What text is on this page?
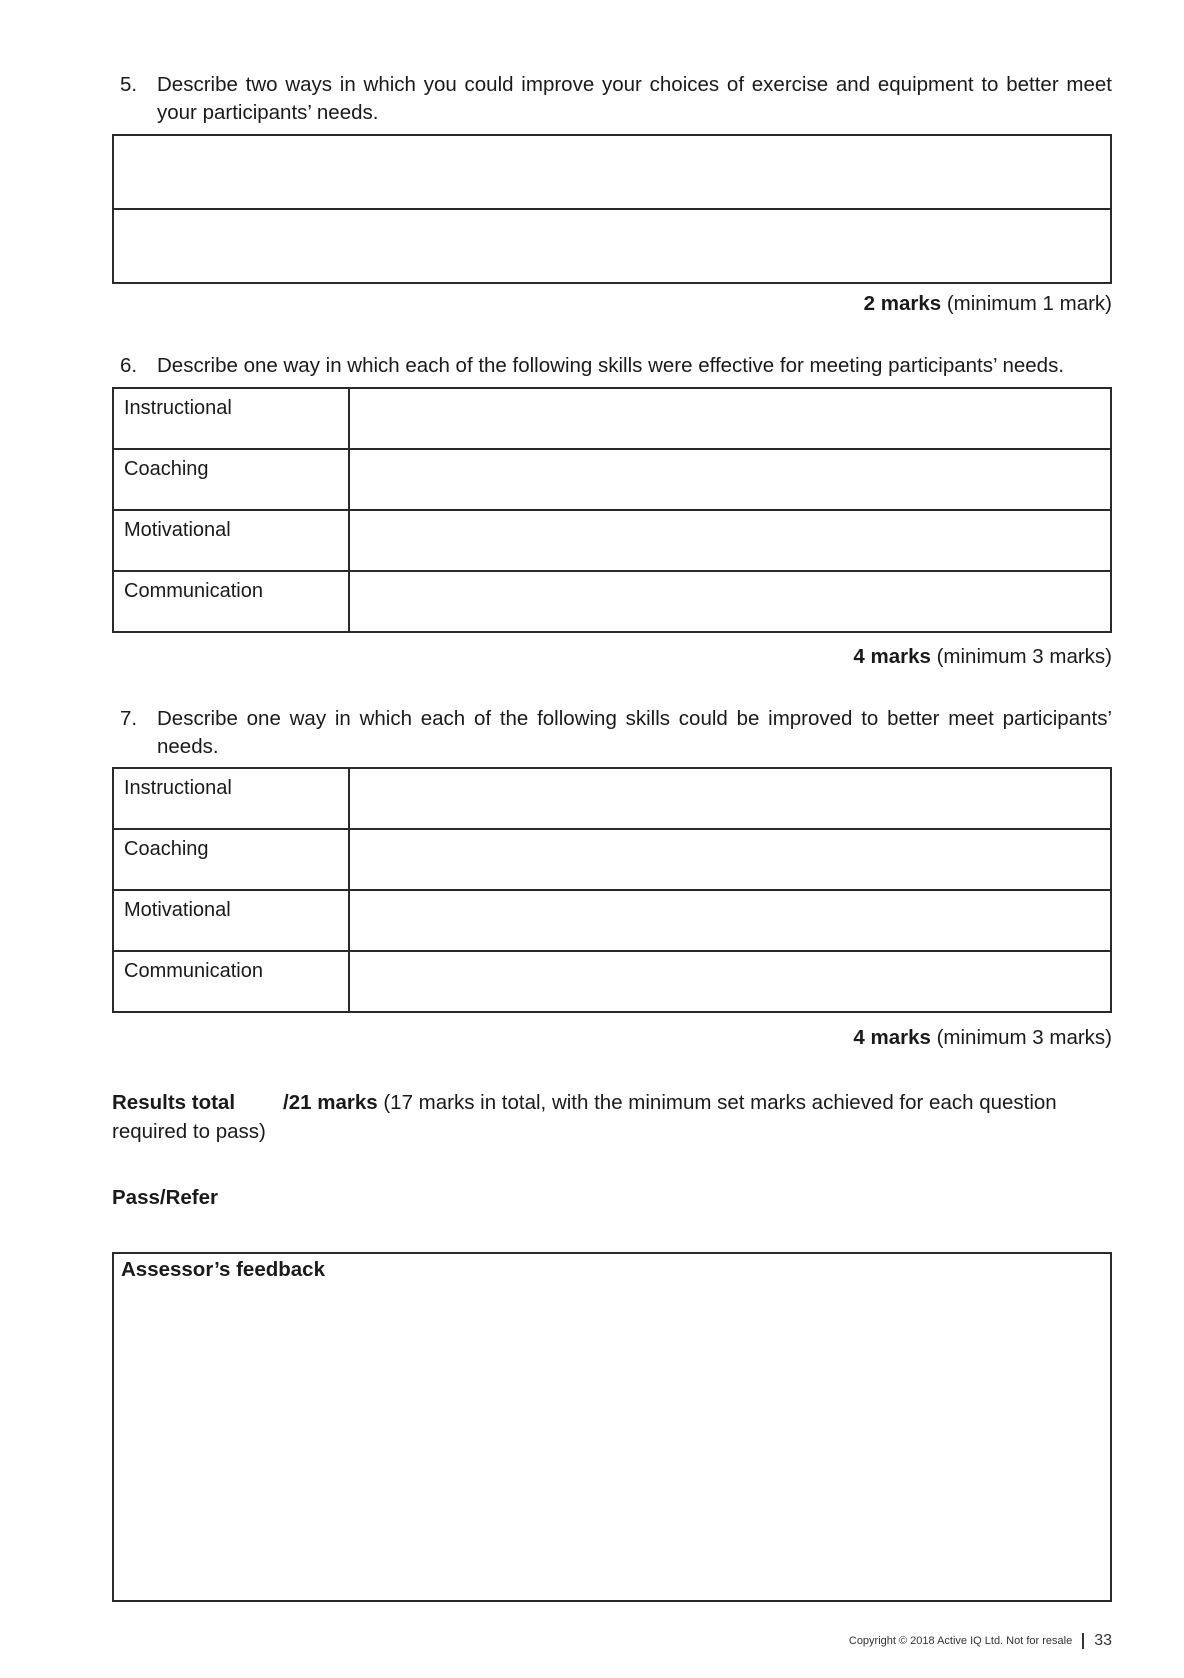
5. Describe two ways in which you could improve your choices of exercise and equipment to better meet your participants’ needs.

2 marks (minimum 1 mark)
6. Describe one way in which each of the following skills were effective for meeting participants’ needs.
Instructional	
Coaching	
Motivational	
Communication	
4 marks (minimum 3 marks)
7. Describe one way in which each of the following skills could be improved to better meet participants’ needs.
Instructional	
Coaching	
Motivational	
Communication	
4 marks (minimum 3 marks)
Results total /21 marks (17 marks in total, with the minimum set marks achieved for each question required to pass)
Pass/Refer
Assessor’s feedback
Copyright © 2018 Active IQ Ltd. Not for resale 33
